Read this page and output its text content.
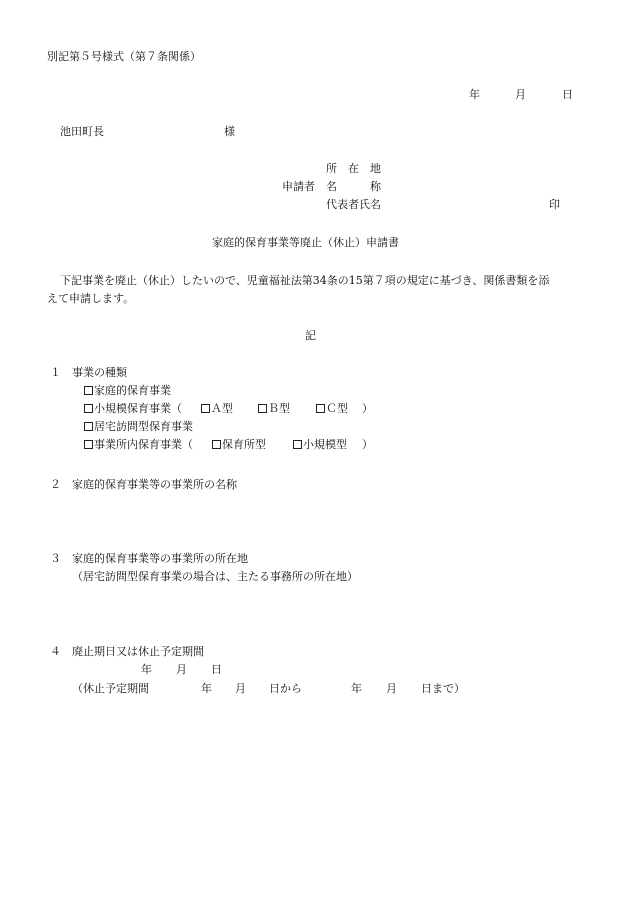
別記第５号様式（第７条関係）
年	月	日
池田町長	様
所　在　地
申請者 名　　　称
代表者氏名	印
家庭的保育事業等廃止（休止）申請書
下記事業を廃止（休止）したいので、児童福祉法第34条の15第７項の規定に基づき、関係書類を添
えて申請します。
記
１ 事業の種類
家庭的保育事業
小規模保育事業（	Ａ型	Ｂ型	Ｃ型 ）
居宅訪問型保育事業
事業所内保育事業（	保育所型	小規模型 ）
２ 家庭的保育事業等の事業所の名称
３ 家庭的保育事業等の事業所の所在地
（居宅訪問型保育事業の場合は、主たる事務所の所在地）
４ 廃止期日又は休止予定期間
年 月 日
（休止予定期間	年 月 日から	年 月 日まで）
